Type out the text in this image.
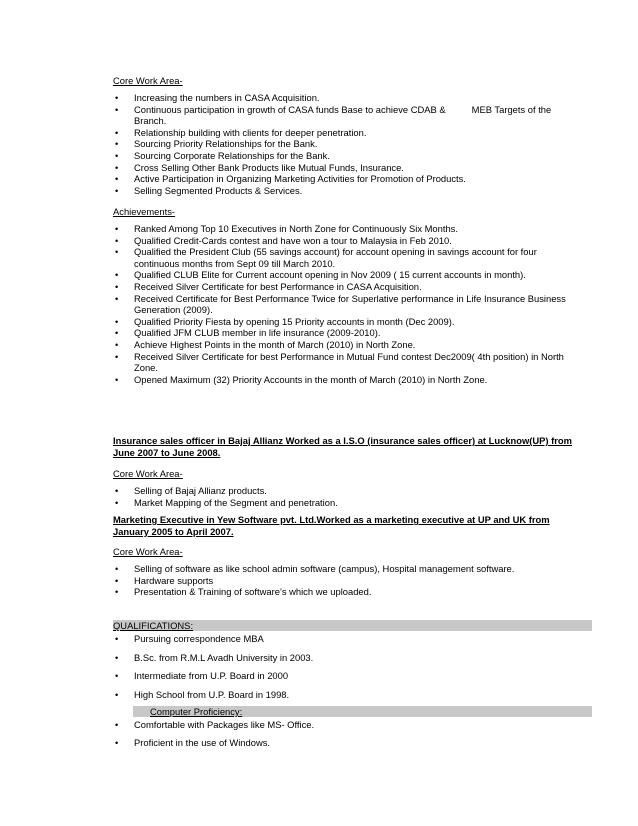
Core Work Area-
• Increasing the numbers in CASA Acquisition.
• Continuous participation in growth of CASA funds Base to achieve CDAB &          MEB Targets of the Branch.
• Relationship building with clients for deeper penetration.
• Sourcing Priority Relationships for the Bank.
• Sourcing Corporate Relationships for the Bank.
• Cross Selling Other Bank Products like Mutual Funds, Insurance.
• Active Participation in Organizing Marketing Activities for Promotion of Products.
• Selling Segmented Products & Services.
Achievements-
• Ranked Among Top 10 Executives in North Zone for Continuously Six Months.
• Qualified Credit-Cards contest and have won a tour to Malaysia in Feb 2010.
• Qualified the President Club (55 savings account) for account opening in savings account for four continuous months from Sept 09 till March 2010.
• Qualified CLUB Elite for Current account opening in Nov 2009 ( 15 current accounts in month).
• Received Silver Certificate for best Performance in CASA Acquisition.
• Received Certificate for Best Performance Twice for Superlative performance in Life Insurance Business Generation (2009).
• Qualified Priority Fiesta by opening 15 Priority accounts in month (Dec 2009).
• Qualified JFM CLUB member in life insurance (2009-2010).
• Achieve Highest Points in the month of March (2010) in North Zone.
• Received Silver Certificate for best Performance in Mutual Fund contest Dec2009( 4th position) in North Zone.
• Opened Maximum (32) Priority Accounts in the month of March (2010) in North Zone.
Insurance sales officer in Bajaj Allianz Worked as a I.S.O (insurance sales officer) at Lucknow(UP) from June 2007 to June 2008.
Core Work Area-
• Selling of Bajaj Allianz products.
• Market Mapping of the Segment and penetration.
Marketing Executive in Yew Software pvt. Ltd.Worked as a marketing executive at UP and UK from January 2005 to April 2007.
Core Work Area-
• Selling of software as like school admin software (campus), Hospital management software.
• Hardware supports
• Presentation & Training of software’s which we uploaded.
QUALIFICATIONS:
• Pursuing correspondence MBA
• B.Sc. from R.M.L Avadh University in 2003.
• Intermediate from U.P. Board in 2000
• High School from U.P. Board in 1998.
Computer Proficiency:
• Comfortable with Packages like MS- Office.
• Proficient in the use of Windows.
